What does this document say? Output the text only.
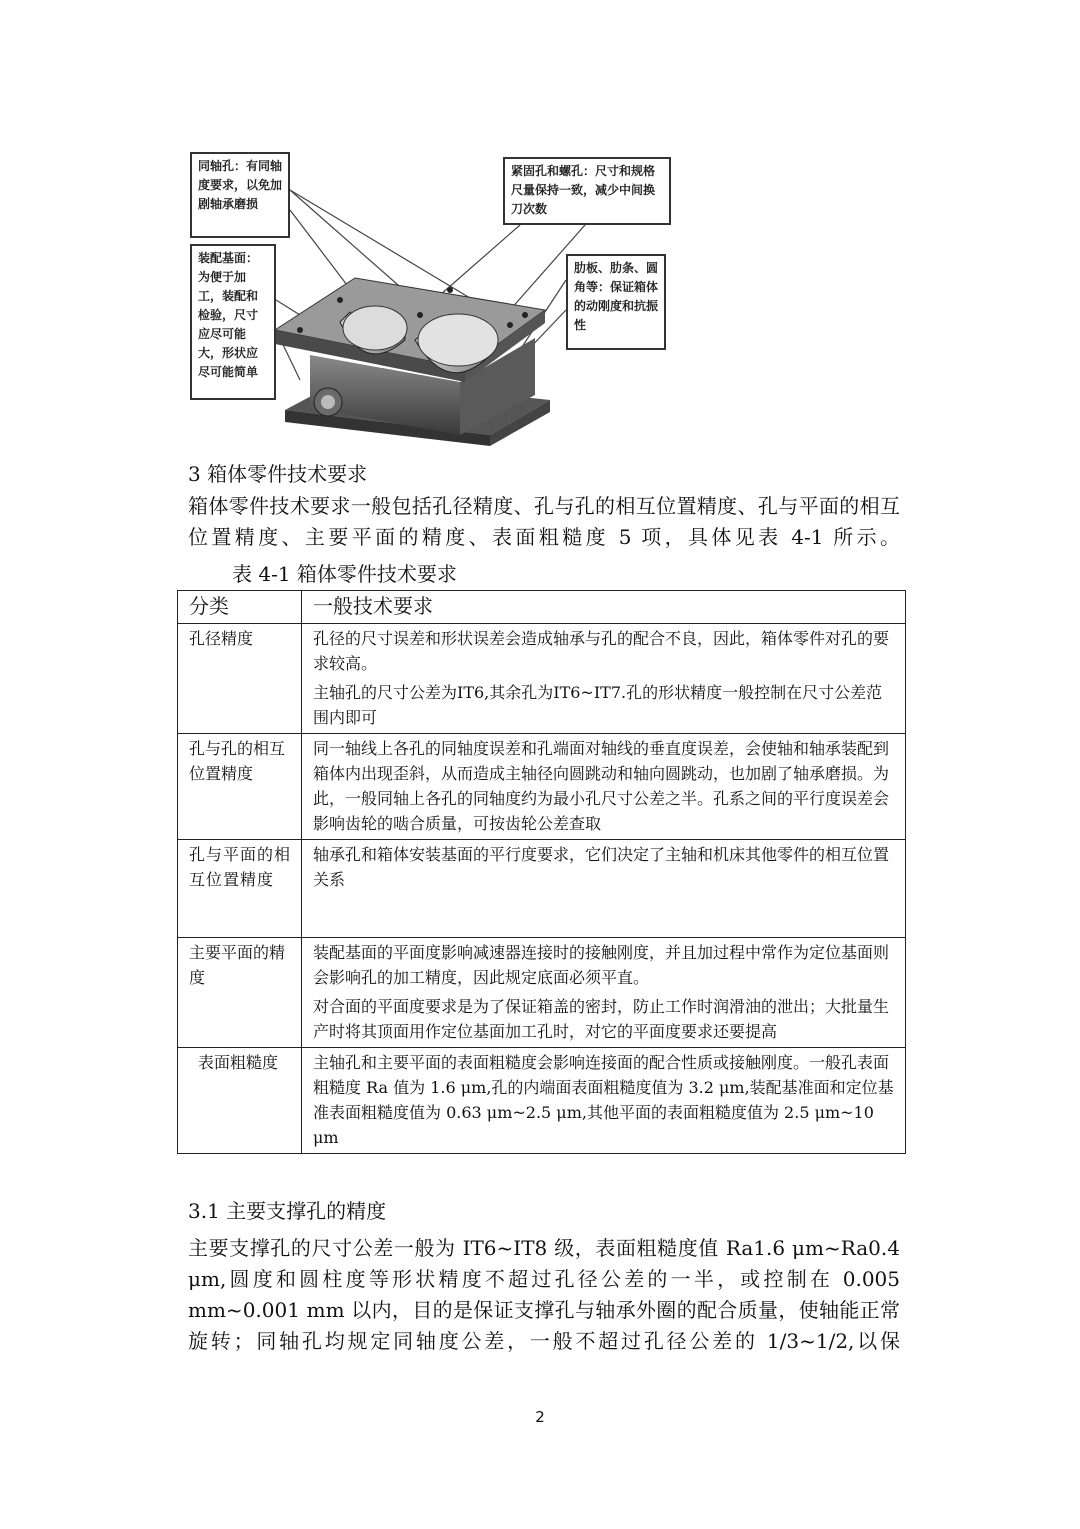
同轴孔：有同轴度要求，以免加剧轴承磨损
紧固孔和螺孔：尺寸和规格尺量保持一致，减少中间换刀次数
装配基面：为便于加工，装配和检验，尺寸应尽可能大，形状应尽可能简单
肋板、肋条、圆角等：保证箱体的动刚度和抗振性
3 箱体零件技术要求
箱体零件技术要求一般包括孔径精度、孔与孔的相互位置精度、孔与平面的相互位置精度、主要平面的精度、表面粗糙度 5 项，具体见表 4-1 所示。
表 4-1 箱体零件技术要求
分类	一般技术要求
孔径精度	孔径的尺寸误差和形状误差会造成轴承与孔的配合不良，因此，箱体零件对孔的要求较高。

主轴孔的尺寸公差为IT6,其余孔为IT6~IT7.孔的形状精度一般控制在尺寸公差范围内即可

孔与孔的相互位置精度	同一轴线上各孔的同轴度误差和孔端面对轴线的垂直度误差，会使轴和轴承装配到箱体内出现歪斜，从而造成主轴径向圆跳动和轴向圆跳动，也加剧了轴承磨损。为此，一般同轴上各孔的同轴度约为最小孔尺寸公差之半。孔系之间的平行度误差会影响齿轮的啮合质量，可按齿轮公差查取

孔与平面的相互位置精度	轴承孔和箱体安装基面的平行度要求，它们决定了主轴和机床其他零件的相互位置关系

主要平面的精度	装配基面的平面度影响减速器连接时的接触刚度，并且加过程中常作为定位基面则会影响孔的加工精度，因此规定底面必须平直。

对合面的平面度要求是为了保证箱盖的密封，防止工作时润滑油的泄出；大批量生产时将其顶面用作定位基面加工孔时，对它的平面度要求还要提高

表面粗糙度	主轴孔和主要平面的表面粗糙度会影响连接面的配合性质或接触刚度。一般孔表面粗糙度 Ra 值为 1.6 μm,孔的内端面表面粗糙度值为 3.2 μm,装配基准面和定位基准表面粗糙度值为 0.63 μm~2.5 μm,其他平面的表面粗糙度值为 2.5 μm~10 μm

3.1 主要支撑孔的精度
主要支撑孔的尺寸公差一般为 IT6~IT8 级，表面粗糙度值 Ra1.6 μm~Ra0.4 μm,圆度和圆柱度等形状精度不超过孔径公差的一半，或控制在 0.005 mm~0.001 mm 以内，目的是保证支撑孔与轴承外圈的配合质量，使轴能正常旋转；同轴孔均规定同轴度公差，一般不超过孔径公差的 1/3~1/2,以保
2
